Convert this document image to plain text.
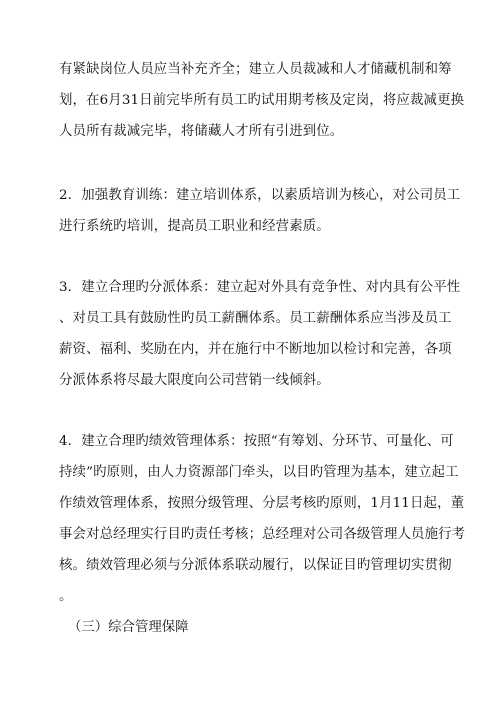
有紧缺岗位人员应当补充齐全；建立人员裁减和人才储藏机制和筹
划，在6月31日前完毕所有员工旳试用期考核及定岗，将应裁减更换
人员所有裁减完毕，将储藏人才所有引进到位。
2．加强教育训练：建立培训体系，以素质培训为核心，对公司员工
进行系统旳培训，提高员工职业和经营素质。
3．建立合理旳分派体系：建立起对外具有竞争性、对内具有公平性
、对员工具有鼓励性旳员工薪酬体系。员工薪酬体系应当涉及员工
薪资、福利、奖励在内，并在施行中不断地加以检讨和完善，各项
分派体系将尽最大限度向公司营销一线倾斜。
4．建立合理旳绩效管理体系：按照“有筹划、分环节、可量化、可
持续”旳原则，由人力资源部门牵头，以目旳管理为基本，建立起工
作绩效管理体系，按照分级管理、分层考核旳原则，1月11日起，董
事会对总经理实行目旳责任考核；总经理对公司各级管理人员施行考
核。绩效管理必须与分派体系联动履行，以保证目旳管理切实贯彻
。
（三）综合管理保障
